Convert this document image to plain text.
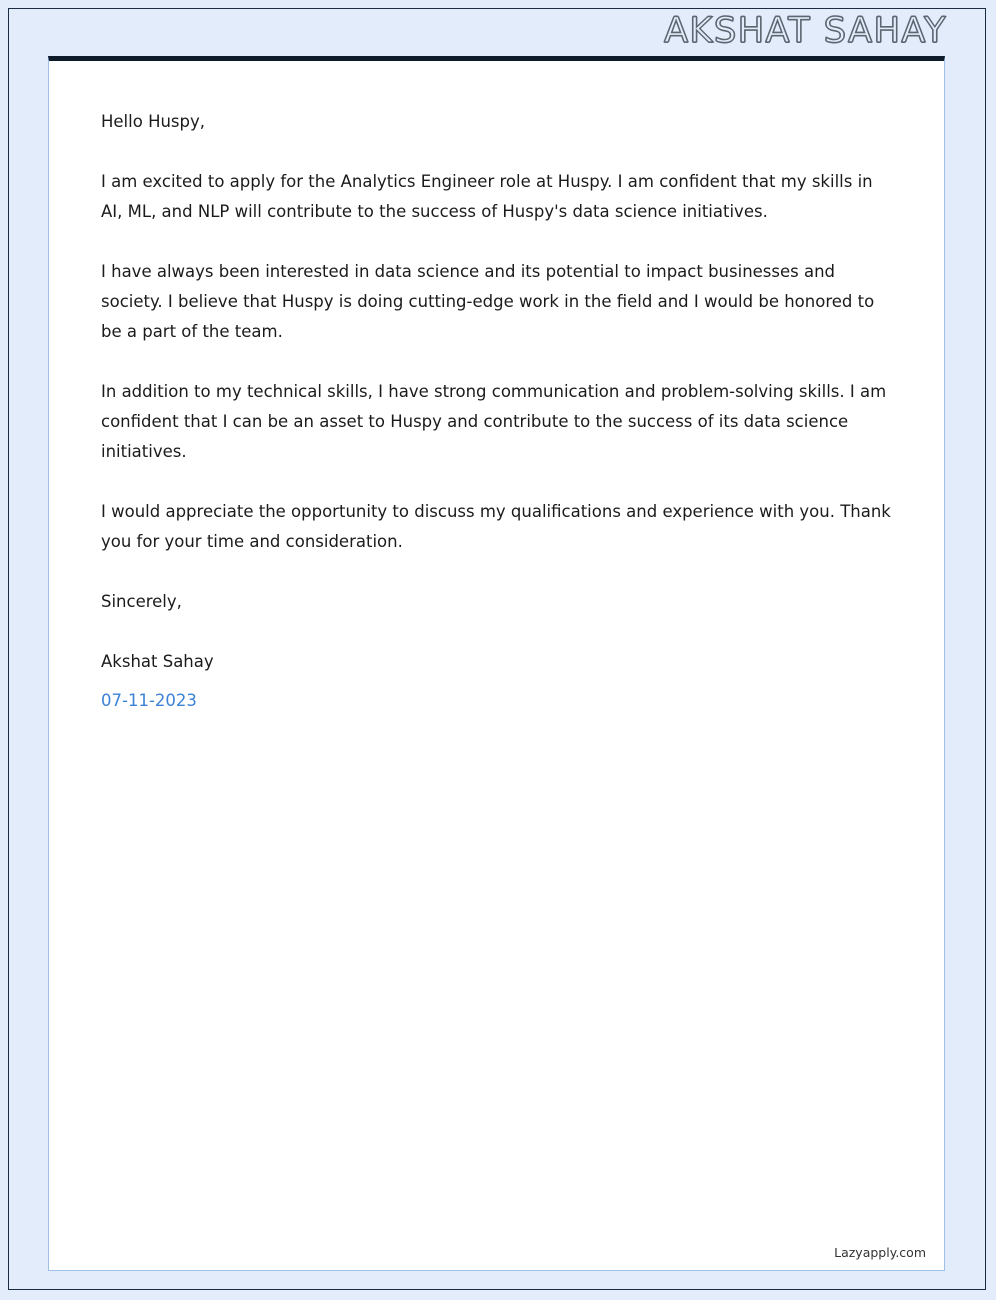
AKSHAT SAHAY

Hello Huspy,

I am excited to apply for the Analytics Engineer role at Huspy. I am confident that my skills in AI, ML, and NLP will contribute to the success of Huspy's data science initiatives.

I have always been interested in data science and its potential to impact businesses and society. I believe that Huspy is doing cutting-edge work in the field and I would be honored to be a part of the team.

In addition to my technical skills, I have strong communication and problem-solving skills. I am confident that I can be an asset to Huspy and contribute to the success of its data science initiatives.

I would appreciate the opportunity to discuss my qualifications and experience with you. Thank you for your time and consideration.

Sincerely,

Akshat Sahay

07-11-2023

Lazyapply.com
